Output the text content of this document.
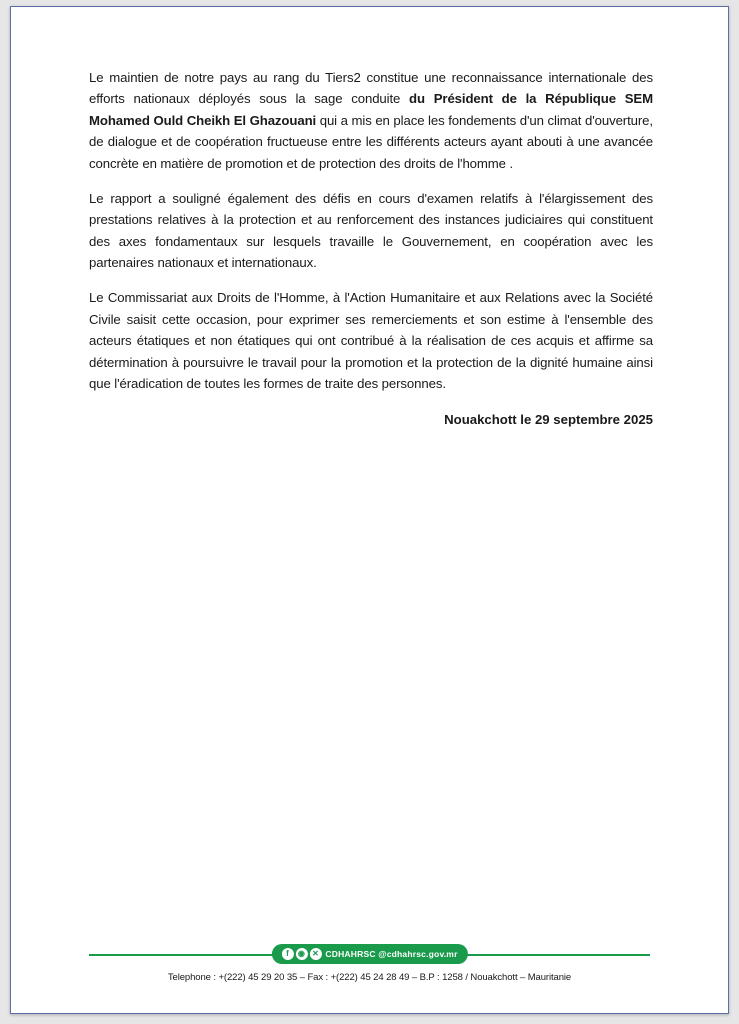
Le maintien de notre pays au rang du Tiers2 constitue une reconnaissance internationale des efforts nationaux déployés sous la sage conduite du Président de la République SEM Mohamed Ould Cheikh El Ghazouani qui a mis en place les fondements d'un climat d'ouverture, de dialogue et de coopération fructueuse entre les différents acteurs ayant abouti à une avancée concrète en matière de promotion et de protection des droits de l'homme .

Le rapport a souligné également des défis en cours d'examen relatifs à l'élargissement des prestations relatives à la protection et au renforcement des instances judiciaires qui constituent des axes fondamentaux sur lesquels travaille le Gouvernement, en coopération avec les partenaires nationaux et internationaux.

Le Commissariat aux Droits de l'Homme, à l'Action Humanitaire et aux Relations avec la Société Civile saisit cette occasion, pour exprimer ses remerciements et son estime à l'ensemble des acteurs étatiques et non étatiques qui ont contribué à la réalisation de ces acquis et affirme sa détermination à poursuivre le travail pour la promotion et la protection de la dignité humaine ainsi que l'éradication de toutes les formes de traite des personnes.

Nouakchott le 29 septembre 2025
f	◉ ✕ CDHAHRSC @cdhahrsc.gov.mr
Telephone : +(222) 45 29 20 35 – Fax : +(222) 45 24 28 49 – B.P : 1258 / Nouakchott – Mauritanie
